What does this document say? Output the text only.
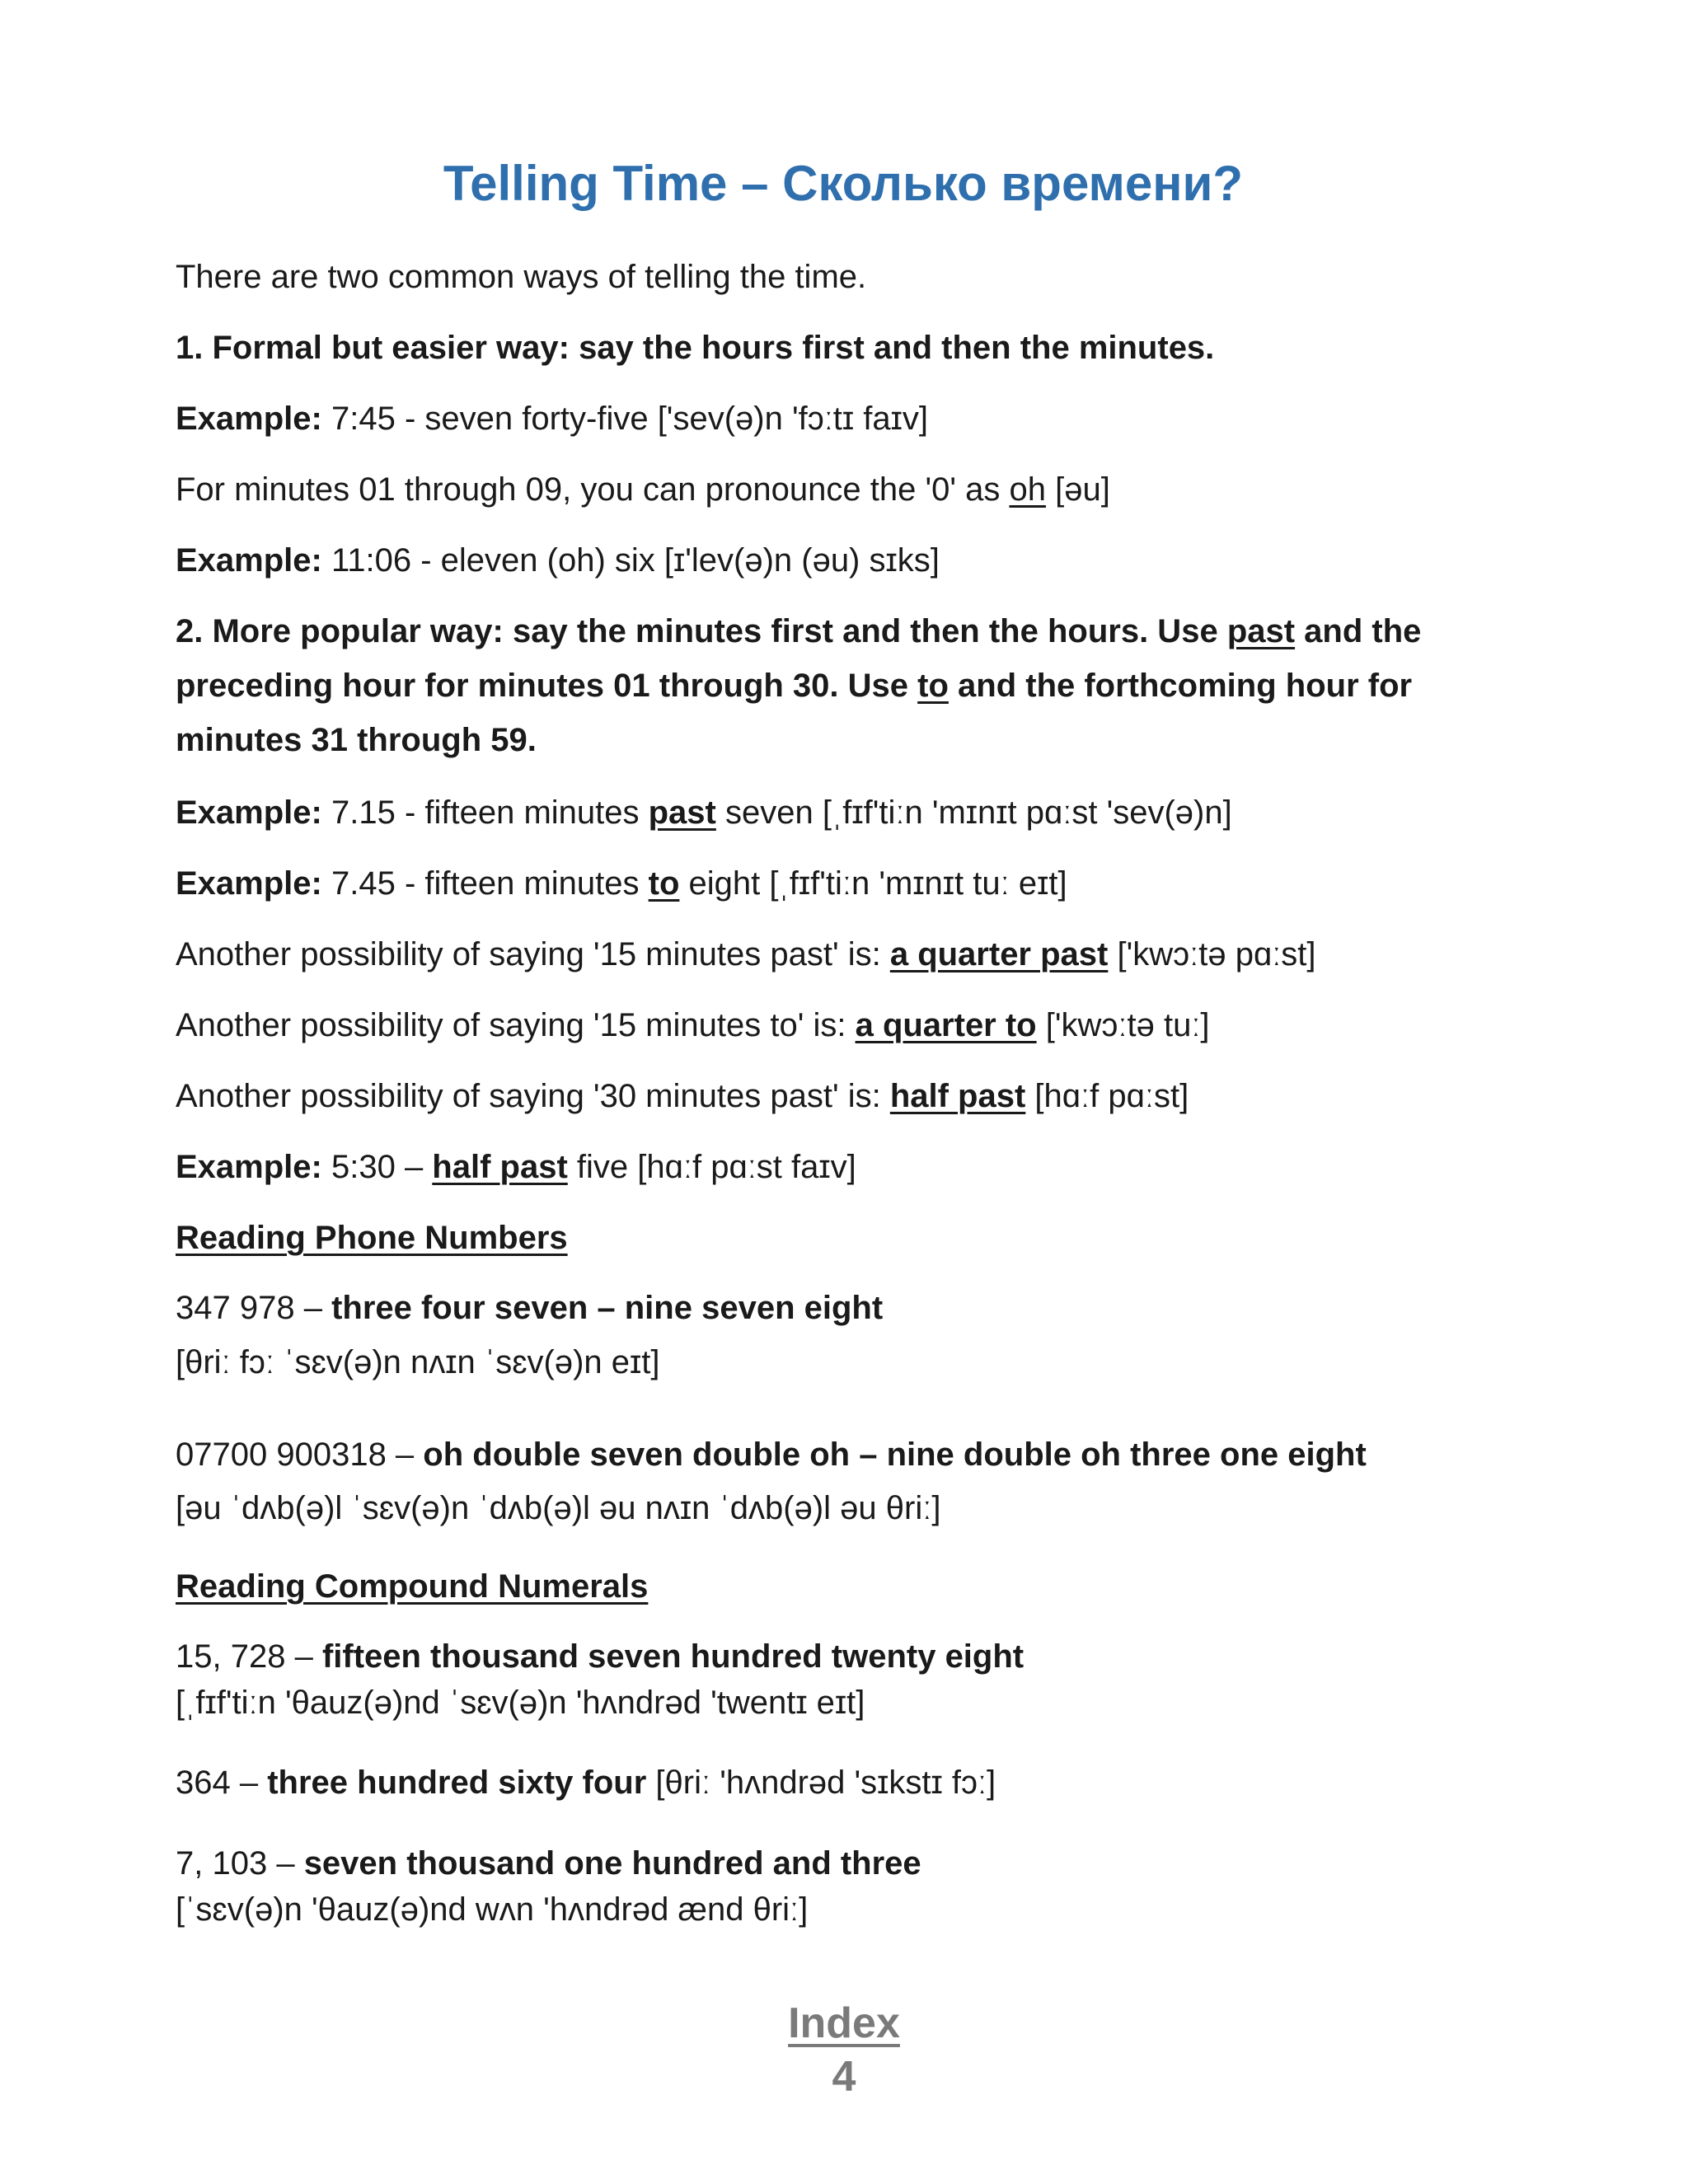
Telling Time – Сколько времени?

There are two common ways of telling the time.

1. Formal but easier way: say the hours first and then the minutes.

Example: 7:45 - seven forty-five ['sev(ə)n 'fɔːtɪ faɪv]

For minutes 01 through 09, you can pronounce the '0' as oh [əu]

Example: 11:06 - eleven (oh) six [ɪ'lev(ə)n (əu) sɪks]

2. More popular way: say the minutes first and then the hours. Use past and the preceding hour for minutes 01 through 30. Use to and the forthcoming hour for minutes 31 through 59.

Example: 7.15 - fifteen minutes past seven [ˌfɪf'tiːn 'mɪnɪt pɑːst 'sev(ə)n]

Example: 7.45 - fifteen minutes to eight [ˌfɪf'tiːn 'mɪnɪt tuː eɪt]

Another possibility of saying '15 minutes past' is: a quarter past ['kwɔːtə pɑːst]

Another possibility of saying '15 minutes to' is: a quarter to ['kwɔːtə tuː]

Another possibility of saying '30 minutes past' is: half past [hɑːf pɑːst]

Example: 5:30 – half past five [hɑːf pɑːst faɪv]

Reading Phone Numbers

347 978 – three four seven – nine seven eight

[θriː fɔː ˈsɛv(ə)n nʌɪn ˈsɛv(ə)n eɪt]

07700 900318 – oh double seven double oh – nine double oh three one eight

[əu ˈdʌb(ə)l ˈsɛv(ə)n ˈdʌb(ə)l əu nʌɪn ˈdʌb(ə)l əu θriː]

Reading Compound Numerals

15, 728 – fifteen thousand seven hundred twenty eight

[ˌfɪf'tiːn 'θauz(ə)nd ˈsɛv(ə)n 'hʌndrəd 'twentɪ eɪt]

364 – three hundred sixty four [θriː 'hʌndrəd 'sɪkstɪ fɔː]

7, 103 – seven thousand one hundred and three

[ˈsɛv(ə)n 'θauz(ə)nd wʌn 'hʌndrəd ænd θriː]

Index

4
